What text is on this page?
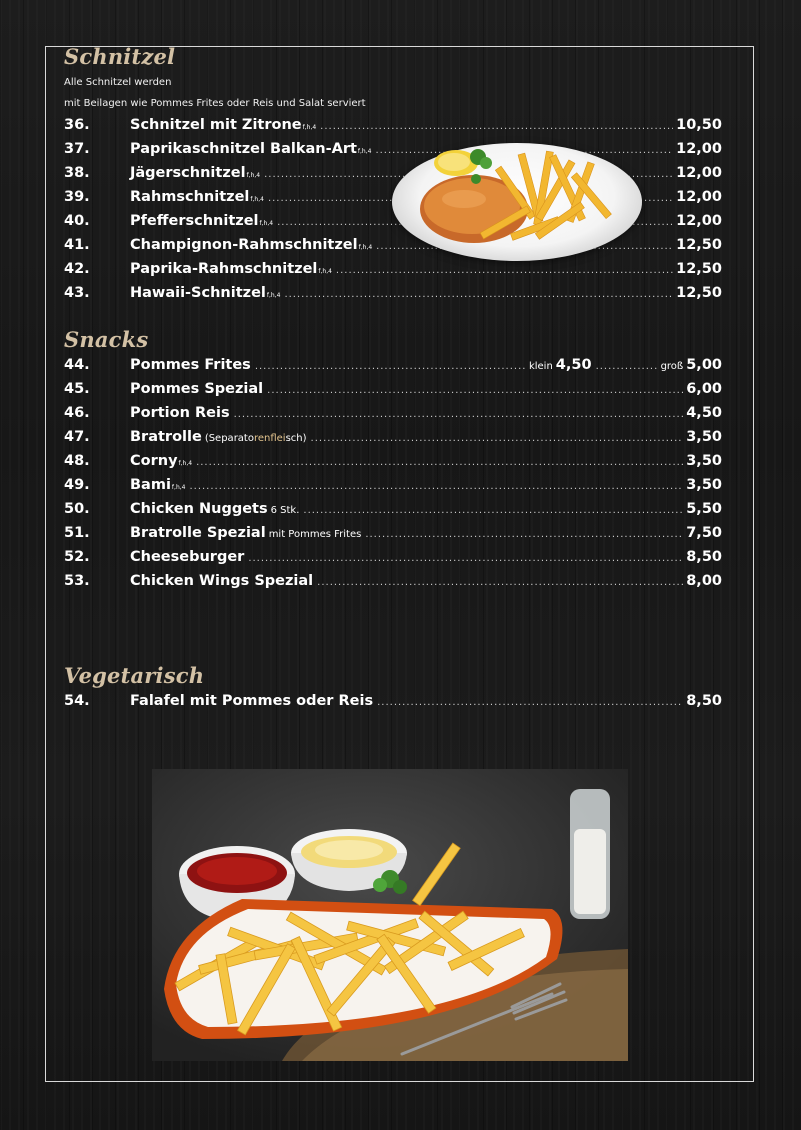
Schnitzel

Alle Schnitzel werden

mit Beilagen wie Pommes Frites oder Reis und Salat serviert

36.	Schnitzel mit Zitrone f,h,4 .....	10,50
37.	Paprikaschnitzel Balkan-Art f,h,4 .....	12,00
38.	Jägerschnitzel f,h,4 .....	12,00
39.	Rahmschnitzel f,h,4 .....	12,00
40.	Pfefferschnitzel f,h,4 .....	12,00
41.	Champignon-Rahmschnitzel f,h,4 .....	12,50
42.	Paprika-Rahmschnitzel f,h,4 .....	12,50
43.	Hawaii-Schnitzel f,h,4 .....	12,50
Snacks
44.	Pommes Frites .....	klein 4,50 .....	groß 5,00
45.	Pommes Spezial .....	6,00
46.	Portion Reis .....	4,50
47.	Bratrolle (Separatorenfleisch) .....	3,50
48.	Corny f,h,4 .....	3,50
49.	Bami f,h,4 .....	3,50
50.	Chicken Nuggets 6 Stk. .....	5,50
51.	Bratrolle Spezial mit Pommes Frites .....	7,50
52.	Cheeseburger .....	8,50
53.	Chicken Wings Spezial .....	8,00
Vegetarisch
54.	Falafel mit Pommes oder Reis .....	8,50
